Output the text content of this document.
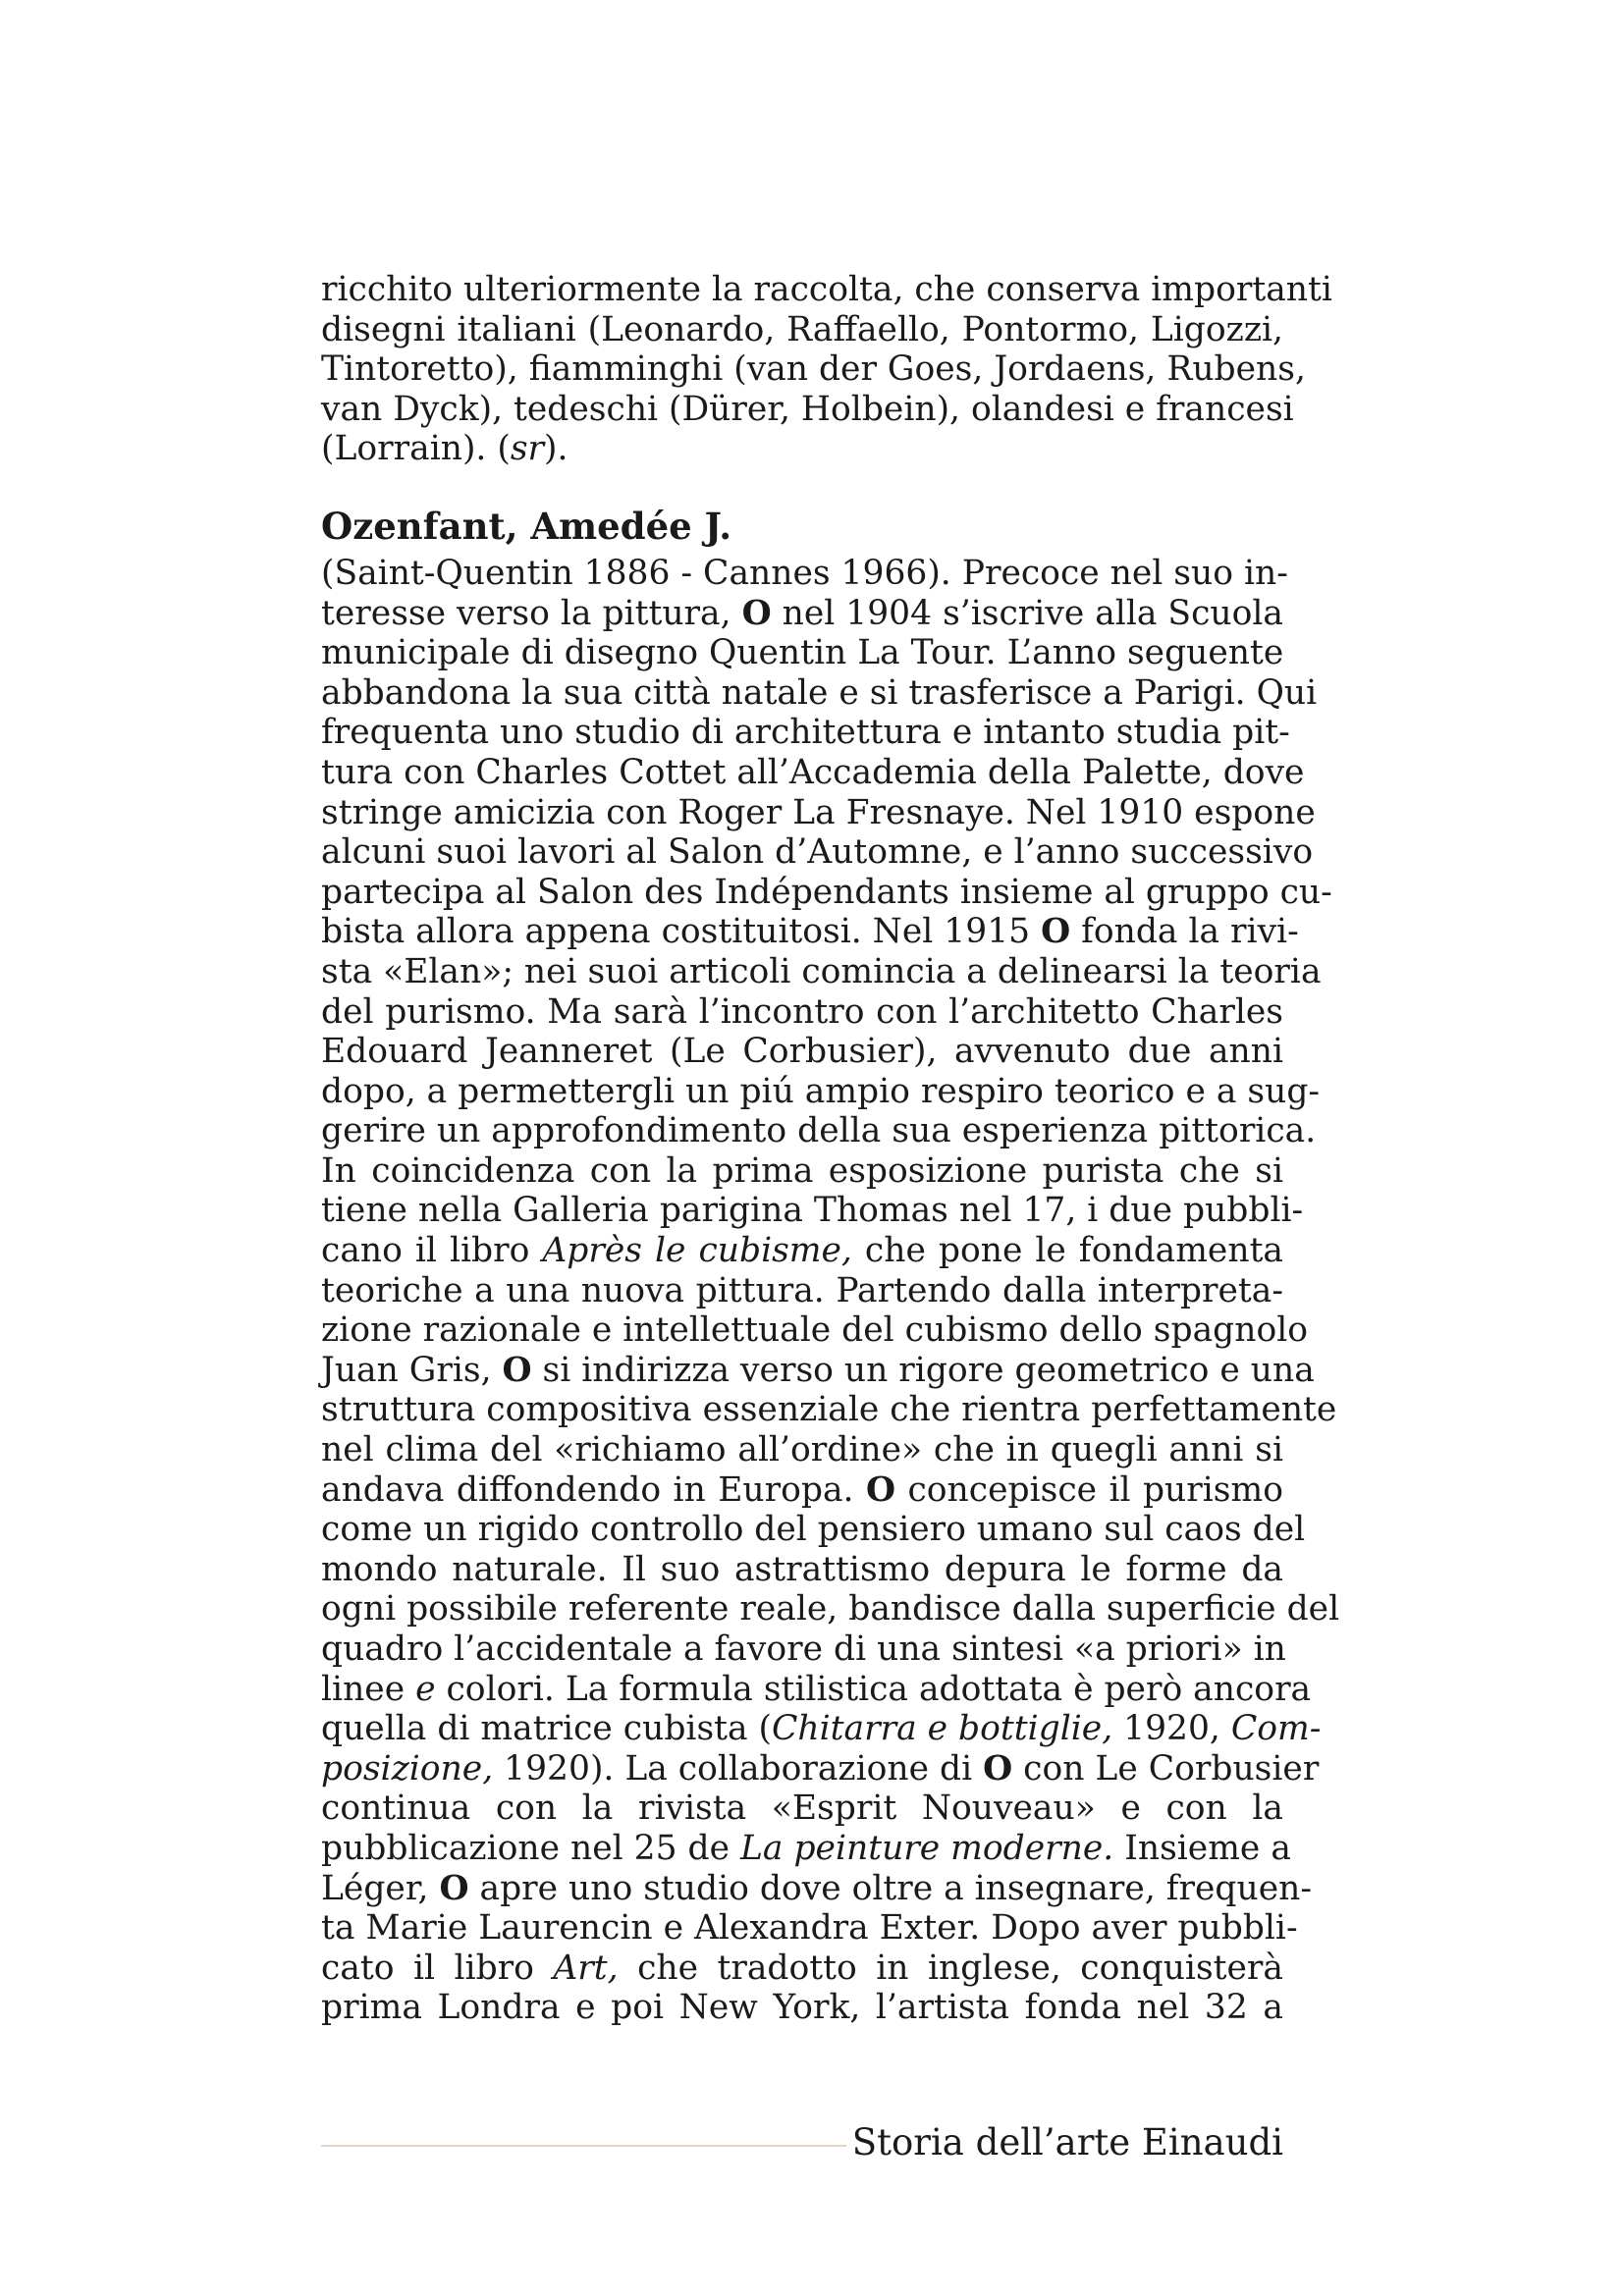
ricchito ulteriormente la raccolta, che conserva importanti
disegni italiani (Leonardo, Raffaello, Pontormo, Ligozzi,
Tintoretto), fiamminghi (van der Goes, Jordaens, Rubens,
van Dyck), tedeschi (Dürer, Holbein), olandesi e francesi
(Lorrain). (sr).

Ozenfant, Amedée J.

(Saint-Quentin 1886 - Cannes 1966). Precoce nel suo in-
teresse verso la pittura, O nel 1904 s’iscrive alla Scuola
municipale di disegno Quentin La Tour. L’anno seguente
abbandona la sua città natale e si trasferisce a Parigi. Qui
frequenta uno studio di architettura e intanto studia pit-
tura con Charles Cottet all’Accademia della Palette, dove
stringe amicizia con Roger La Fresnaye. Nel 1910 espone
alcuni suoi lavori al Salon d’Automne, e l’anno successivo
partecipa al Salon des Indépendants insieme al gruppo cu-
bista allora appena costituitosi. Nel 1915 O fonda la rivi-
sta «Elan»; nei suoi articoli comincia a delinearsi la teoria
del purismo. Ma sarà l’incontro con l’architetto Charles
Edouard Jeanneret (Le Corbusier), avvenuto due anni
dopo, a permettergli un piú ampio respiro teorico e a sug-
gerire un approfondimento della sua esperienza pittorica.
In coincidenza con la prima esposizione purista che si
tiene nella Galleria parigina Thomas nel 17, i due pubbli-
cano il libro Après le cubisme, che pone le fondamenta
teoriche a una nuova pittura. Partendo dalla interpreta-
zione razionale e intellettuale del cubismo dello spagnolo
Juan Gris, O si indirizza verso un rigore geometrico e una
struttura compositiva essenziale che rientra perfettamente
nel clima del «richiamo all’ordine» che in quegli anni si
andava diffondendo in Europa. O concepisce il purismo
come un rigido controllo del pensiero umano sul caos del
mondo naturale. Il suo astrattismo depura le forme da
ogni possibile referente reale, bandisce dalla superficie del
quadro l’accidentale a favore di una sintesi «a priori» in
linee e colori. La formula stilistica adottata è però ancora
quella di matrice cubista (Chitarra e bottiglie, 1920, Com-
posizione, 1920). La collaborazione di O con Le Corbusier
continua con la rivista «Esprit Nouveau» e con la
pubblicazione nel 25 de La peinture moderne. Insieme a
Léger, O apre uno studio dove oltre a insegnare, frequen-
ta Marie Laurencin e Alexandra Exter. Dopo aver pubbli-
cato il libro Art, che tradotto in inglese, conquisterà
prima Londra e poi New York, l’artista fonda nel 32 a

Storia dell’arte Einaudi
